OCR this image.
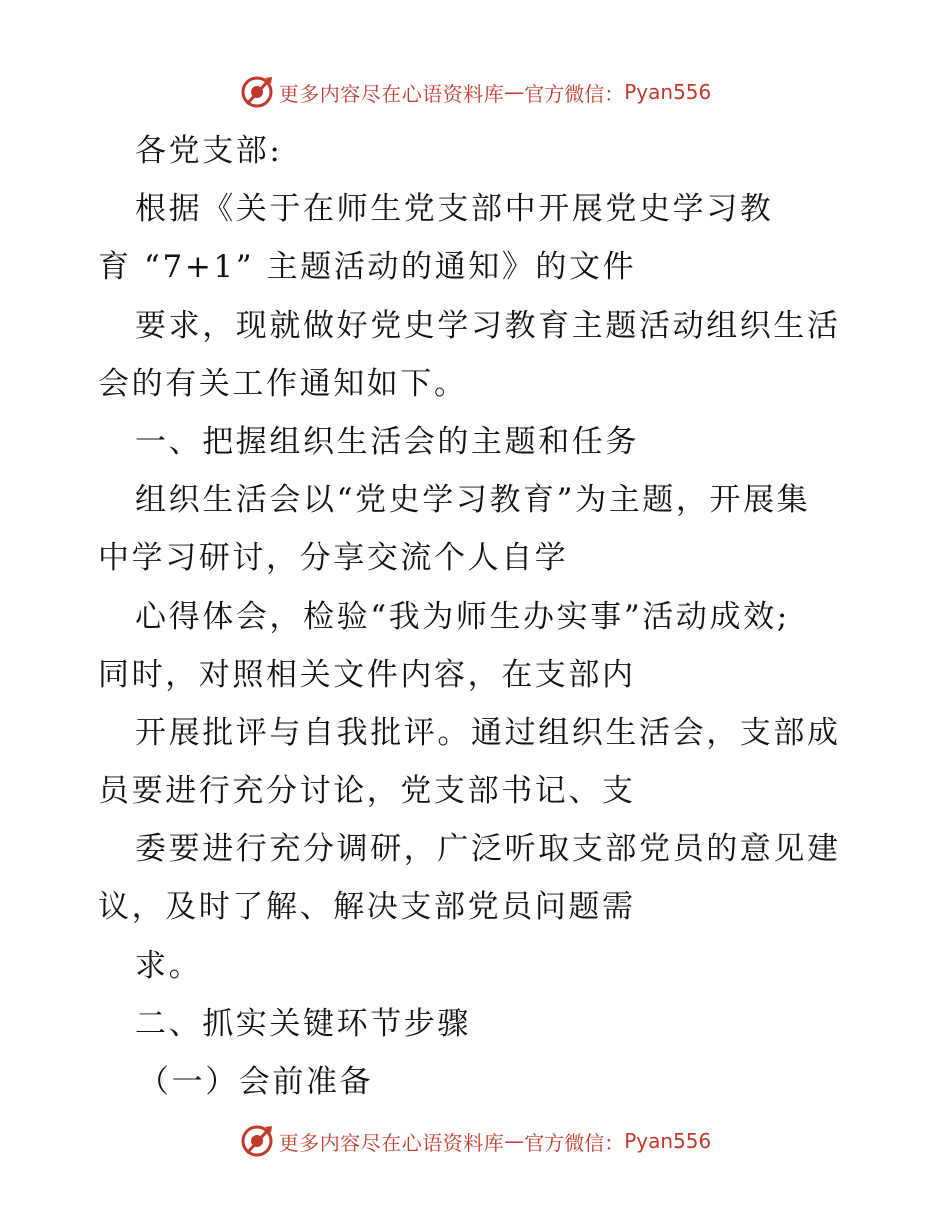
更多内容尽在心语资料库 — 官方微信： Pyan556
各党支部:
根据《关于在师生党支部中开展党史学习教
育 “7+1” 主题活动的通知》的文件
要求，现就做好党史学习教育主题活动组织生活
会的有关工作通知如下。
一、把握组织生活会的主题和任务
组织生活会以“党史学习教育”为主题，开展集
中学习研讨，分享交流个人自学
心得体会，检验“我为师生办实事”活动成效;
同时，对照相关文件内容，在支部内
开展批评与自我批评。通过组织生活会，支部成
员要进行充分讨论，党支部书记、支
委要进行充分调研，广泛听取支部党员的意见建
议，及时了解、解决支部党员问题需
求。
二、抓实关键环节步骤
（一）会前准备
更多内容尽在心语资料库 — 官方微信： Pyan556
